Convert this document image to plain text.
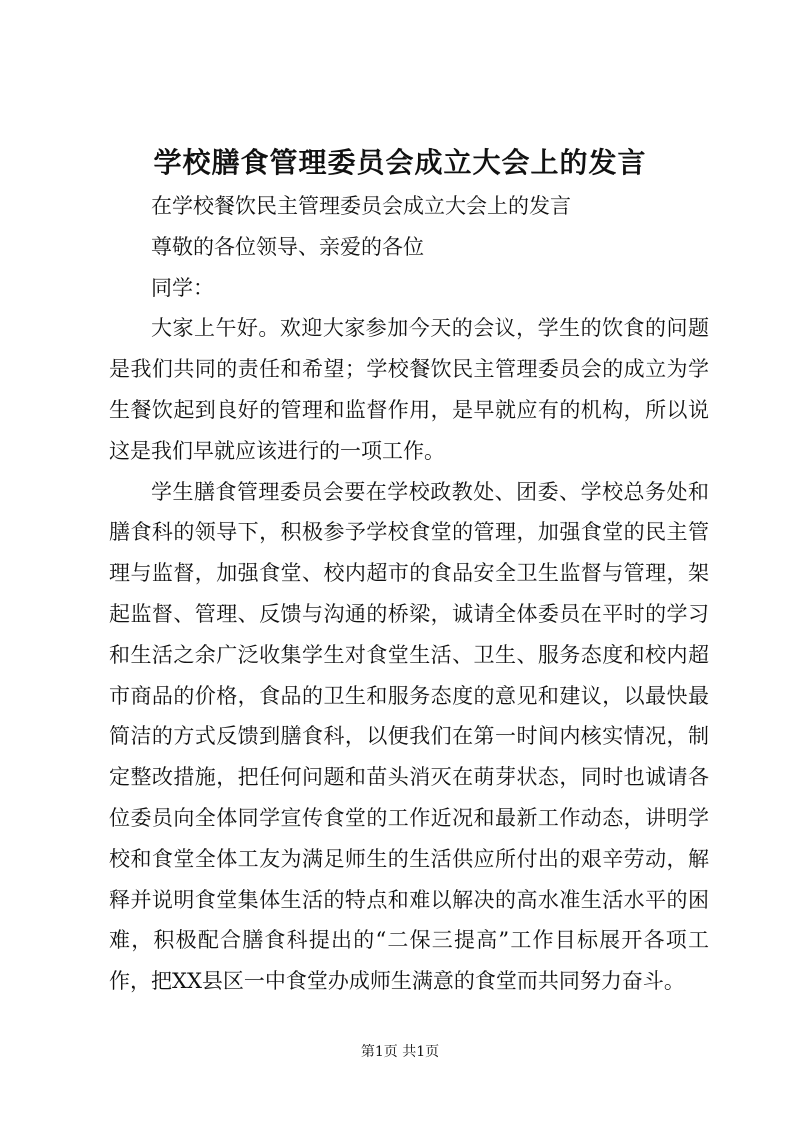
学校膳食管理委员会成立大会上的发言

在学校餐饮民主管理委员会成立大会上的发言

尊敬的各位领导、亲爱的各位

同学：

大家上午好。欢迎大家参加今天的会议，学生的饮食的问题是我们共同的责任和希望；学校餐饮民主管理委员会的成立为学生餐饮起到良好的管理和监督作用，是早就应有的机构，所以说这是我们早就应该进行的一项工作。

学生膳食管理委员会要在学校政教处、团委、学校总务处和膳食科的领导下，积极参予学校食堂的管理，加强食堂的民主管理与监督，加强食堂、校内超市的食品安全卫生监督与管理，架起监督、管理、反馈与沟通的桥梁，诚请全体委员在平时的学习和生活之余广泛收集学生对食堂生活、卫生、服务态度和校内超市商品的价格，食品的卫生和服务态度的意见和建议，以最快最简洁的方式反馈到膳食科，以便我们在第一时间内核实情况，制定整改措施，把任何问题和苗头消灭在萌芽状态，同时也诚请各位委员向全体同学宣传食堂的工作近况和最新工作动态，讲明学校和食堂全体工友为满足师生的生活供应所付出的艰辛劳动，解释并说明食堂集体生活的特点和难以解决的高水准生活水平的困难，积极配合膳食科提出的“二保三提高”工作目标展开各项工作，把XX县区一中食堂办成师生满意的食堂而共同努力奋斗。

第1页 共1页
